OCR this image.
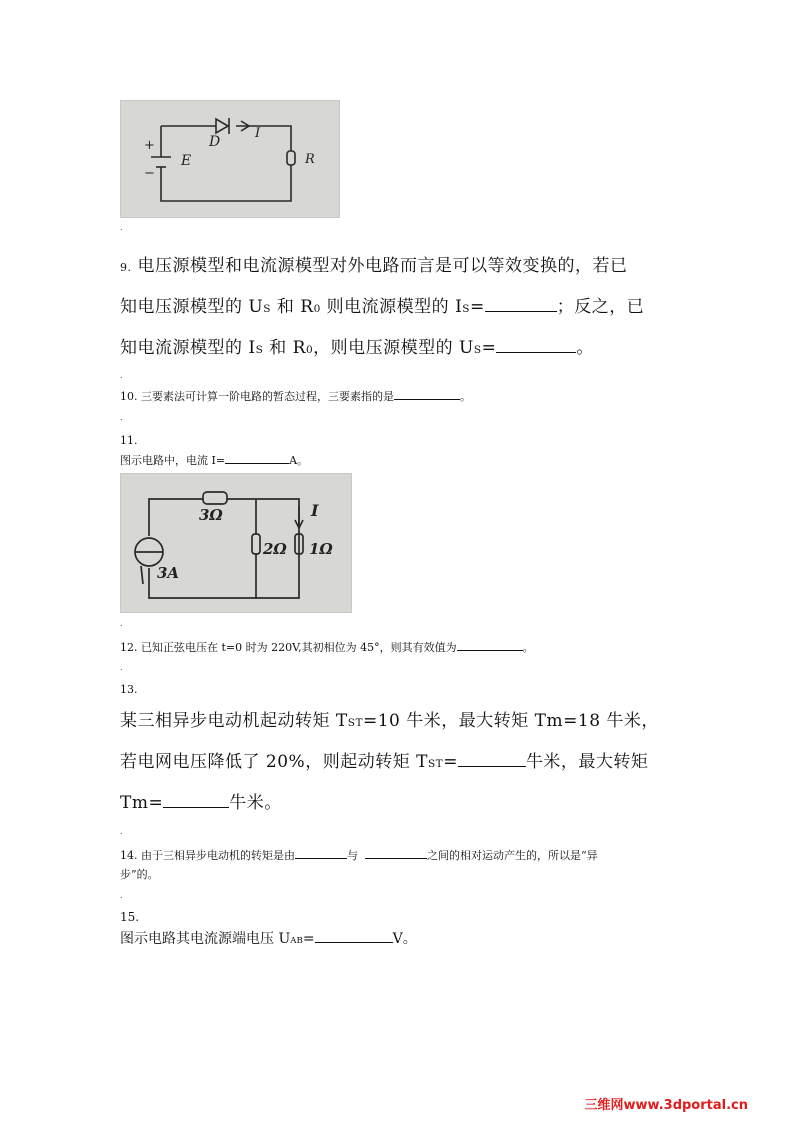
+
−
E
D
I
R
.
9. 电压源模型和电流源模型对外电路而言是可以等效变换的，若已
知电压源模型的 US 和 R0 则电流源模型的 IS=	；反之，已
知电流源模型的 IS 和 R0，则电压源模型的 US=	。
.
10. 三要素法可计算一阶电路的暂态过程，三要素指的是	。
.
11.
图示电路中，电流 I=	A。
3Ω
2Ω 1Ω
I
3A
.
12. 已知正弦电压在 t=0 时为 220V,其初相位为 45°，则其有效值为	。
.
13.
某三相异步电动机起动转矩 TST=10 牛米，最大转矩 Tm=18 牛米，
若电网电压降低了 20%，则起动转矩 TST=	牛米，最大转矩
Tm=	牛米。
.
14. 由于三相异步电动机的转矩是由	与	之间的相对运动产生的，所以是“异
步”的。
.
15.
图示电路其电流源端电压 UAB=	V。
三维网www.3dportal.cn
